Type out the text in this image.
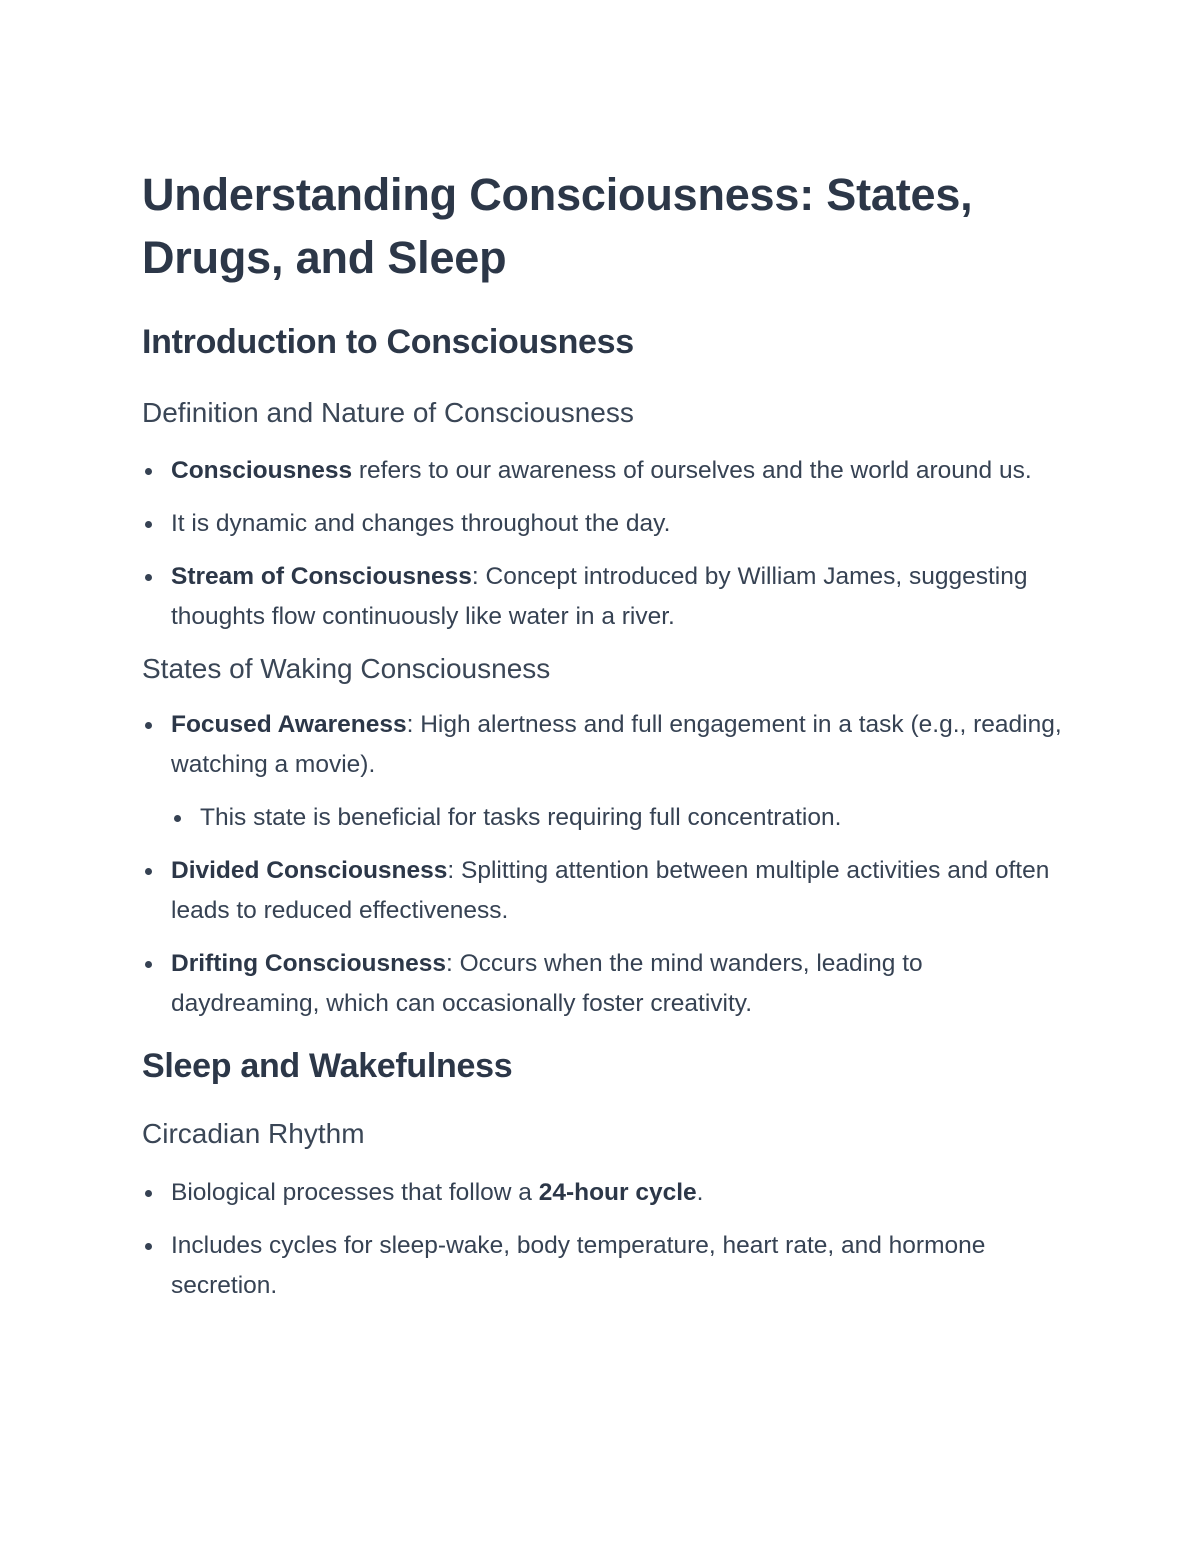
Understanding Consciousness: States, Drugs, and Sleep
Introduction to Consciousness
Definition and Nature of Consciousness
Consciousness refers to our awareness of ourselves and the world around us.
It is dynamic and changes throughout the day.
Stream of Consciousness: Concept introduced by William James, suggesting thoughts flow continuously like water in a river.
States of Waking Consciousness
Focused Awareness: High alertness and full engagement in a task (e.g., reading, watching a movie).
This state is beneficial for tasks requiring full concentration.
Divided Consciousness: Splitting attention between multiple activities and often leads to reduced effectiveness.
Drifting Consciousness: Occurs when the mind wanders, leading to daydreaming, which can occasionally foster creativity.
Sleep and Wakefulness
Circadian Rhythm
Biological processes that follow a 24-hour cycle.
Includes cycles for sleep-wake, body temperature, heart rate, and hormone secretion.
